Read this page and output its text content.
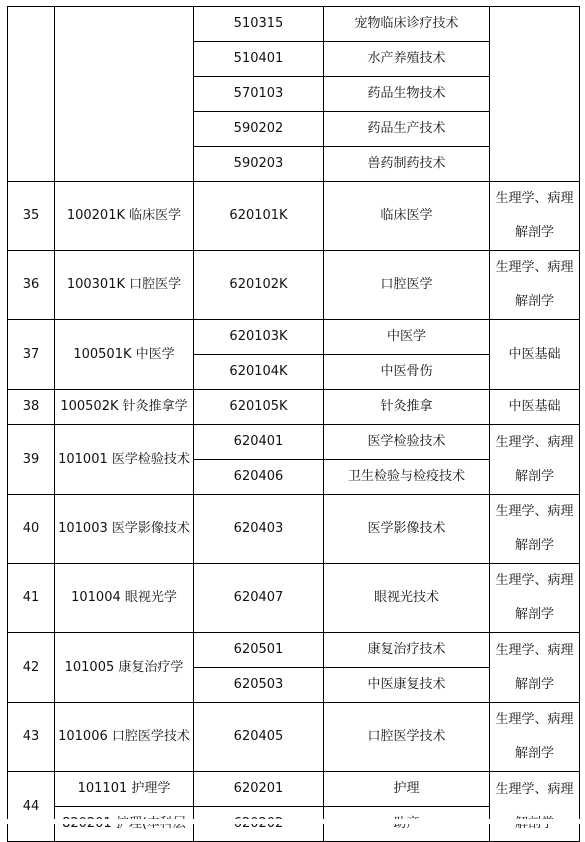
		510315	宠物临床诊疗技术	
		510401	水产养殖技术	
		570103	药品生物技术	
		590202	药品生产技术	
		590203	兽药制药技术	
35	100201K 临床医学	620101K	临床医学	生理学、病理解剖学
36	100301K 口腔医学	620102K	口腔医学	生理学、病理解剖学
37	100501K 中医学	620103K	中医学	中医基础
		620104K	中医骨伤	
38	100502K 针灸推拿学	620105K	针灸推拿	中医基础
39	101001 医学检验技术	620401	医学检验技术	生理学、病理解剖学
		620406	卫生检验与检疫技术	
40	101003 医学影像技术	620403	医学影像技术	生理学、病理解剖学
41	101004 眼视光学	620407	眼视光技术	生理学、病理解剖学
42	101005 康复治疗学	620501	康复治疗技术	生理学、病理解剖学
		620503	中医康复技术	
43	101006 口腔医学技术	620405	口腔医学技术	生理学、病理解剖学
44	101101 护理学	620201	护理	生理学、病理
